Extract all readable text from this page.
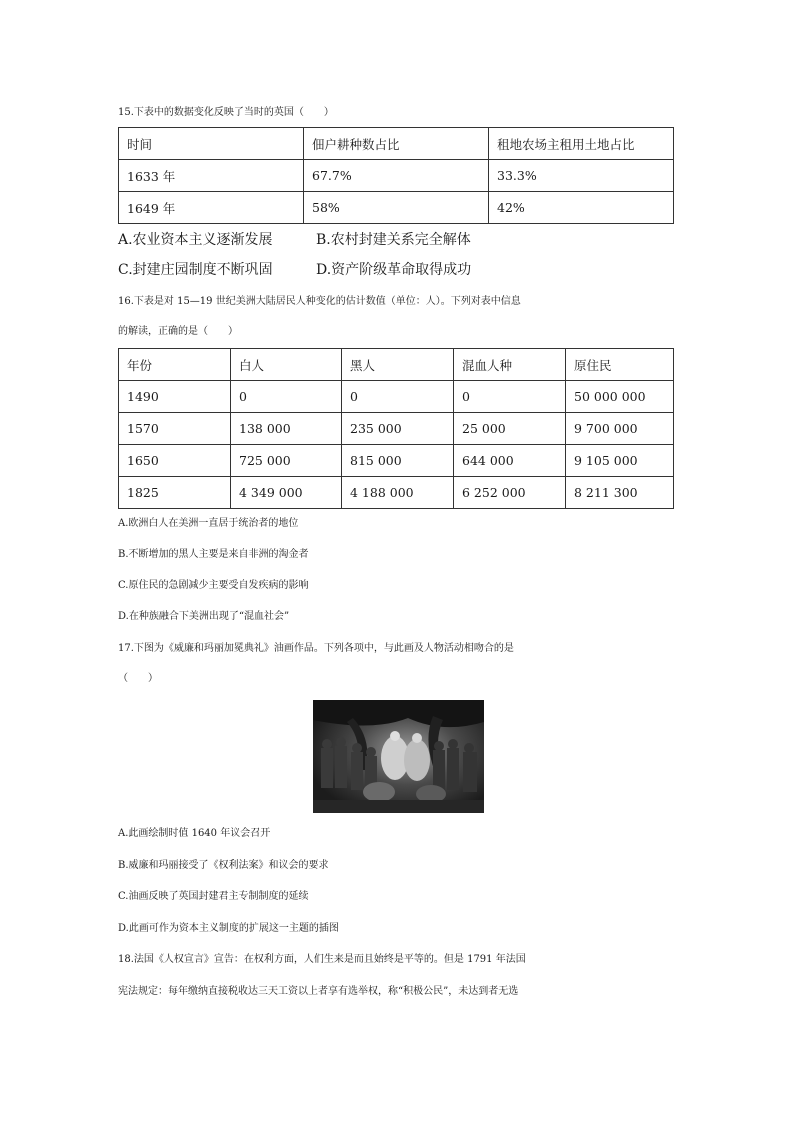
15.下表中的数据变化反映了当时的英国（　　）
时间	佃户耕种数占比	租地农场主租用土地占比
1633 年	67.7%	33.3%
1649 年	58%	42%
A.农业资本主义逐渐发展	B.农村封建关系完全解体
C.封建庄园制度不断巩固	D.资产阶级革命取得成功
16.下表是对 15—19 世纪美洲大陆居民人种变化的估计数值（单位：人）。下列对表中信息
的解读，正确的是（　　）
年份	白人	黑人	混血人种	原住民
1490	0	0	0	50 000 000
1570	138 000	235 000	25 000	9 700 000
1650	725 000	815 000	644 000	9 105 000
1825	4 349 000	4 188 000	6 252 000	8 211 300
A.欧洲白人在美洲一直居于统治者的地位
B.不断增加的黑人主要是来自非洲的淘金者
C.原住民的急剧减少主要受自发疾病的影响
D.在种族融合下美洲出现了“混血社会”
17.下图为《威廉和玛丽加冕典礼》油画作品。下列各项中，与此画及人物活动相吻合的是
（　　）
A.此画绘制时值 1640 年议会召开
B.威廉和玛丽接受了《权利法案》和议会的要求
C.油画反映了英国封建君主专制制度的延续
D.此画可作为资本主义制度的扩展这一主题的插图
18.法国《人权宣言》宣告：在权利方面，人们生来是而且始终是平等的。但是 1791 年法国
宪法规定：每年缴纳直接税收达三天工资以上者享有选举权，称“积极公民”，未达到者无选
